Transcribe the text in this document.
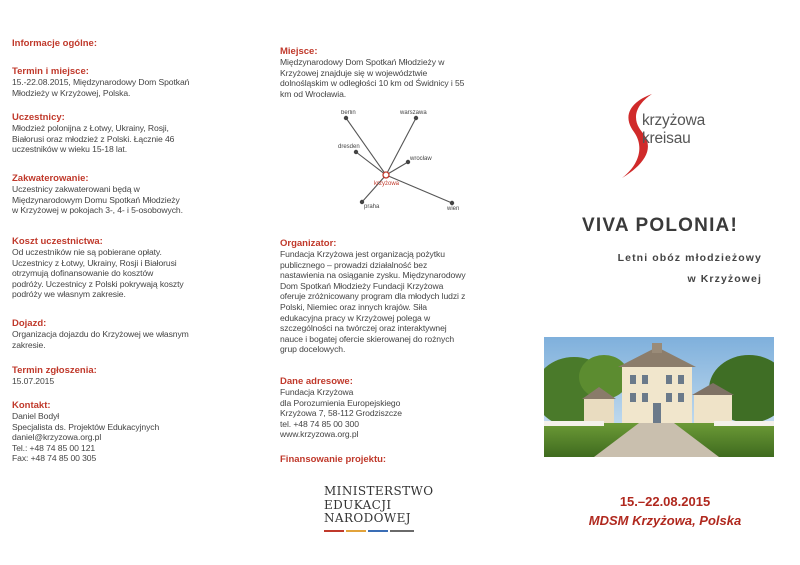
Informacje ogólne:
Termin i miejsce:
15.-22.08.2015, Międzynarodowy Dom Spotkań
Młodzieży w Krzyżowej, Polska.
Uczestnicy:
Młodzież polonijna z Łotwy, Ukrainy, Rosji,
Białorusi oraz młodzież z Polski. Łącznie 46
uczestników w wieku 15-18 lat.
Zakwaterowanie:
Uczestnicy zakwaterowani będą w
Międzynarodowym Domu Spotkań Młodzieży
w Krzyżowej w pokojach 3-, 4- i 5-osobowych.
Koszt uczestnictwa:
Od uczestników nie są pobierane opłaty.
Uczestnicy z Łotwy, Ukrainy, Rosji i Białorusi
otrzymują dofinansowanie do kosztów
podróży. Uczestnicy z Polski pokrywają koszty
podróży we własnym zakresie.
Dojazd:
Organizacja dojazdu do Krzyżowej we własnym
zakresie.
Termin zgłoszenia:
15.07.2015
Kontakt:
Daniel Bodył
Specjalista ds. Projektów Edukacyjnych
daniel@krzyzowa.org.pl
Tel.: +48 74 85 00 121
Fax: +48 74 85 00 305
Miejsce:
Międzynarodowy Dom Spotkań Młodzieży w
Krzyżowej znajduje się w województwie
dolnośląskim w odległości 10 km od Świdnicy i 55
km od Wrocławia.
berlin	warszawa
dresden
wrocław
krzyżowa
praha	wien
Organizator:
Fundacja Krzyżowa jest organizacją pożytku
publicznego – prowadzi działalność bez
nastawienia na osiąganie zysku. Międzynarodowy
Dom Spotkań Młodzieży Fundacji Krzyżowa
oferuje zróżnicowany program dla młodych ludzi z
Polski, Niemiec oraz innych krajów. Siła
edukacyjna pracy w Krzyżowej polega w
szczególności na twórczej oraz interaktywnej
nauce i bogatej ofercie skierowanej do rożnych
grup docelowych.
Dane adresowe:
Fundacja Krzyżowa
dla Porozumienia Europejskiego
Krzyżowa 7, 58-112 Grodziszcze
tel. +48 74 85 00 300
www.krzyzowa.org.pl
Finansowanie projektu:
MINISTERSTWO
EDUKACJI
NARODOWEJ
krzyżowa
kreisau
VIVA POLONIA!
Letni obóz młodzieżowy
w Krzyżowej
15.–22.08.2015
MDSM Krzyżowa, Polska
